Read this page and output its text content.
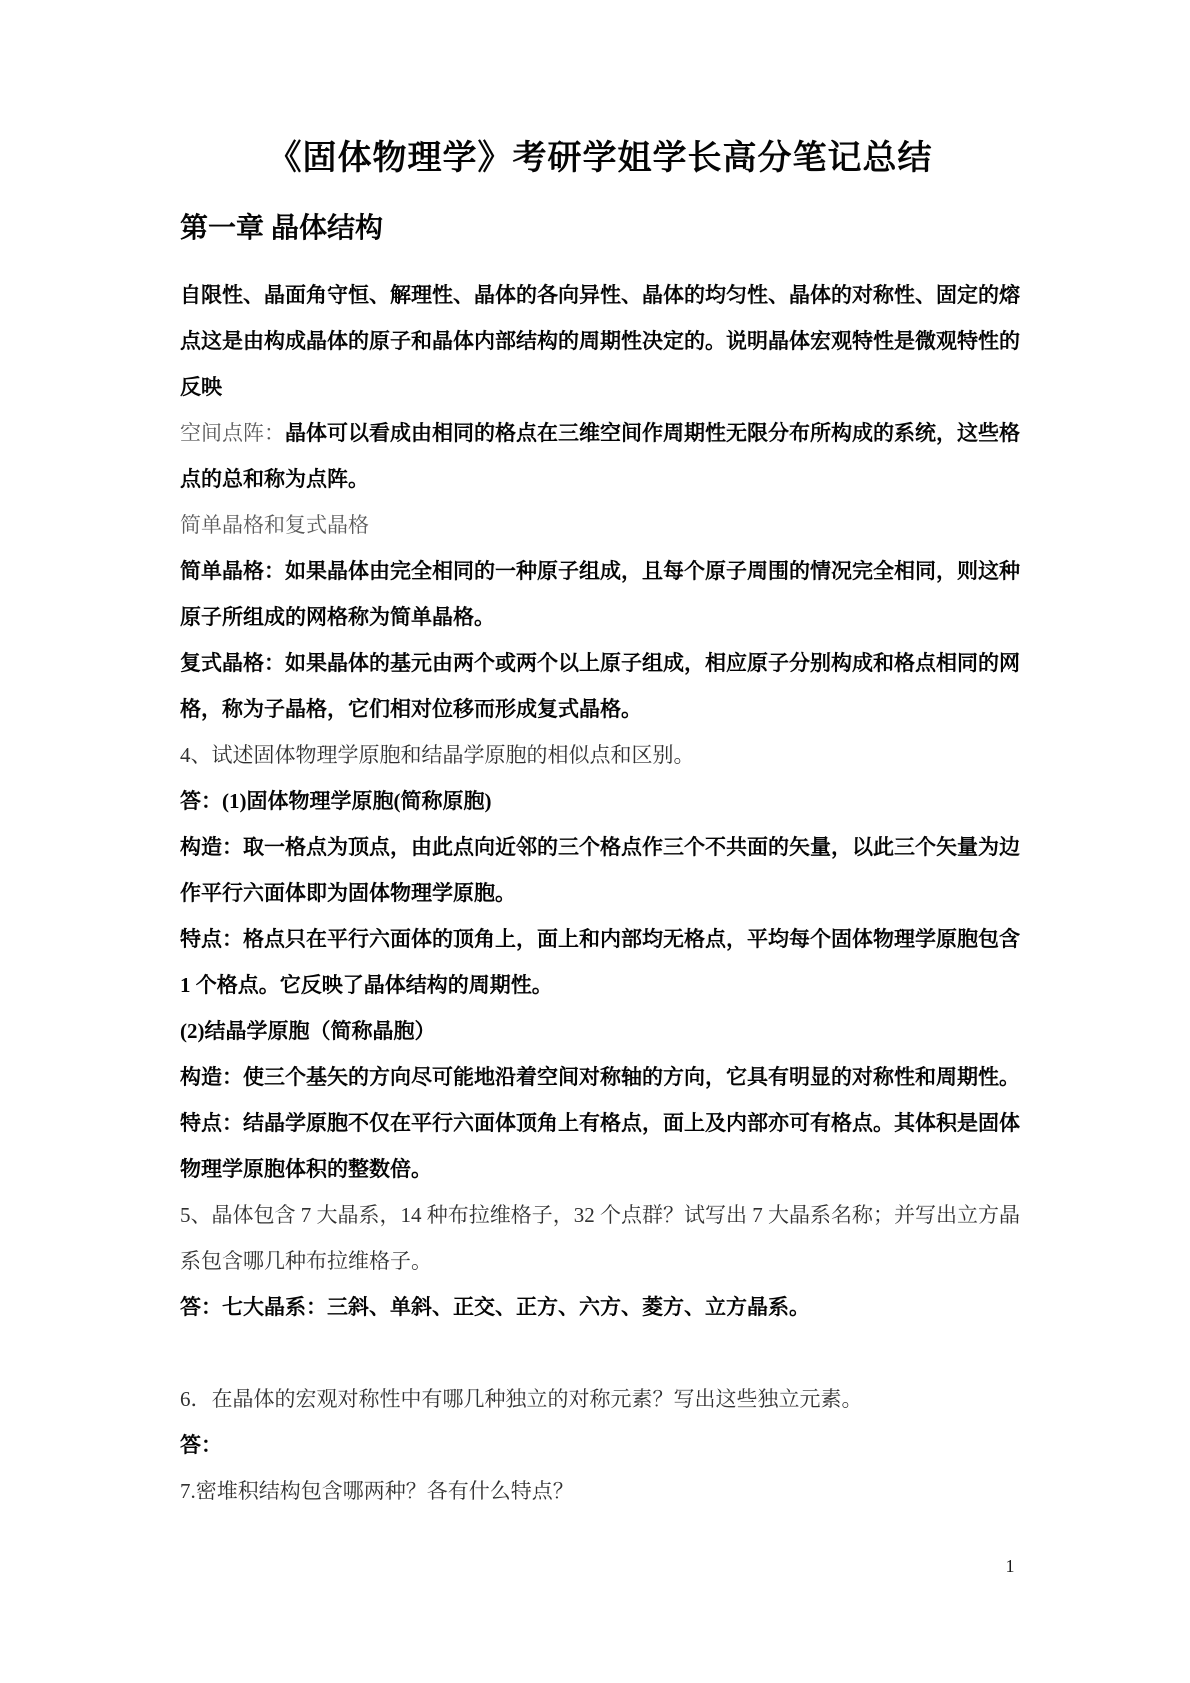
《固体物理学》考研学姐学长高分笔记总结
第一章 晶体结构

自限性、晶面角守恒、解理性、晶体的各向异性、晶体的均匀性、晶体的对称性、固定的熔点这是由构成晶体的原子和晶体内部结构的周期性决定的。说明晶体宏观特性是微观特性的反映

空间点阵：晶体可以看成由相同的格点在三维空间作周期性无限分布所构成的系统，这些格点的总和称为点阵。

简单晶格和复式晶格

简单晶格：如果晶体由完全相同的一种原子组成，且每个原子周围的情况完全相同，则这种原子所组成的网格称为简单晶格。

复式晶格：如果晶体的基元由两个或两个以上原子组成，相应原子分别构成和格点相同的网格，称为子晶格，它们相对位移而形成复式晶格。

4、试述固体物理学原胞和结晶学原胞的相似点和区别。

答：(1)固体物理学原胞(简称原胞)

构造：取一格点为顶点，由此点向近邻的三个格点作三个不共面的矢量，以此三个矢量为边作平行六面体即为固体物理学原胞。

特点：格点只在平行六面体的顶角上，面上和内部均无格点，平均每个固体物理学原胞包含 1 个格点。它反映了晶体结构的周期性。

(2)结晶学原胞（简称晶胞）

构造：使三个基矢的方向尽可能地沿着空间对称轴的方向，它具有明显的对称性和周期性。

特点：结晶学原胞不仅在平行六面体顶角上有格点，面上及内部亦可有格点。其体积是固体物理学原胞体积的整数倍。

5、晶体包含 7 大晶系，14 种布拉维格子，32 个点群？试写出 7 大晶系名称；并写出立方晶系包含哪几种布拉维格子。

答：七大晶系：三斜、单斜、正交、正方、六方、菱方、立方晶系。

6．在晶体的宏观对称性中有哪几种独立的对称元素？写出这些独立元素。

答：

7.密堆积结构包含哪两种？各有什么特点？

1
